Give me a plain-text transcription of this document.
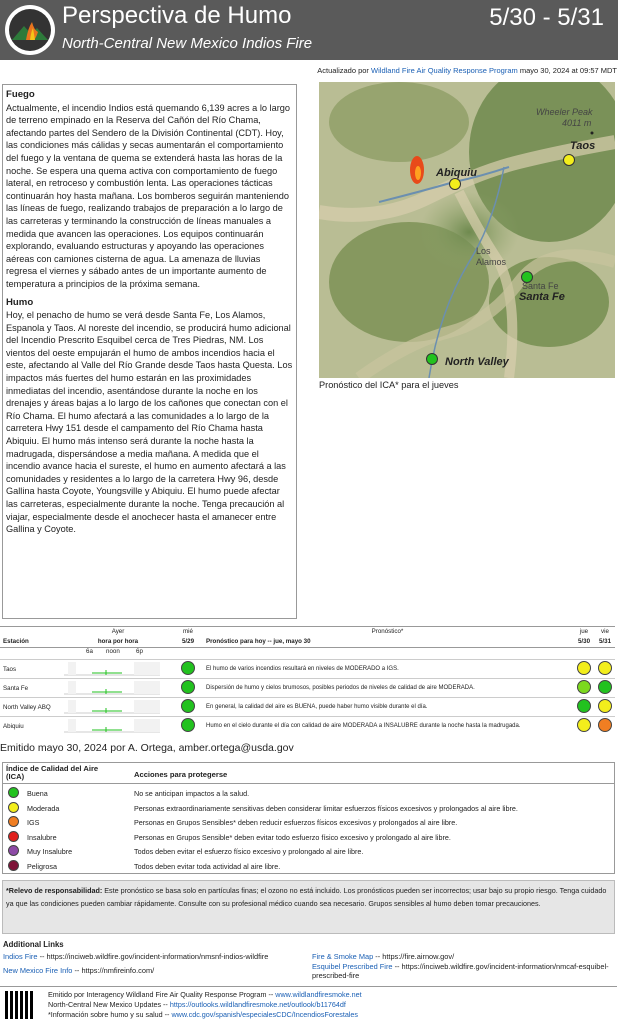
Perspectiva de Humo	5/30 - 5/31
North-Central New Mexico Indios Fire
Actualizado por Wildland Fire Air Quality Response Program mayo 30, 2024 at 09:57 MDT
Fuego

Actualmente, el incendio Indios está quemando 6,139 acres a lo largo de terreno empinado en la Reserva del Cañón del Río Chama, afectando partes del Sendero de la División Continental (CDT). Hoy, las condiciones más cálidas y secas aumentarán el comportamiento del fuego y la ventana de quema se extenderá hasta las horas de la noche. Se espera una quema activa con comportamiento de fuego lateral, en retroceso y combustión lenta. Las operaciones tácticas continuarán hoy hasta mañana. Los bomberos seguirán manteniendo las líneas de fuego, realizando trabajos de preparación a lo largo de las carreteras y terminando la construcción de líneas manuales a medida que avancen las operaciones. Los equipos continuarán explorando, evaluando estructuras y apoyando las operaciones aéreas con camiones cisterna de agua. La amenaza de lluvias regresa el viernes y sábado antes de un importante aumento de temperatura a principios de la próxima semana.

Humo

Hoy, el penacho de humo se verá desde Santa Fe, Los Alamos, Espanola y Taos. Al noreste del incendio, se producirá humo adicional del Incendio Prescrito Esquibel cerca de Tres Piedras, NM. Los vientos del oeste empujarán el humo de ambos incendios hacia el este, afectando al Valle del Río Grande desde Taos hasta Questa. Los impactos más fuertes del humo estarán en las proximidades inmediatas del incendio, asentándose durante la noche en los drenajes y áreas bajas a lo largo de los cañones que conectan con el Río Chama. El humo afectará a las comunidades a lo largo de la carretera Hwy 151 desde el campamento del Río Chama hasta Abiquiu. El humo más intenso será durante la noche hasta la madrugada, dispersándose a media mañana. A medida que el incendio avance hacia el sureste, el humo en aumento afectará a las comunidades y residentes a lo largo de la carretera Hwy 96, desde Gallina hasta Coyote, Youngsville y Abiquiu. El humo puede afectar las carreteras, especialmente durante la noche. Tenga precaución al viajar, especialmente desde el anochecer hasta el amanecer entre Gallina y Coyote.

Wheeler Peak
4011 m
Taos
Abiquiu
Los
Alamos
Santa Fe
Santa Fe
North Valley
Pronóstico del ICA* para el jueves
	Ayer	mié	Pronóstico*	jue	vie
Estación	hora por hora	5/29	Pronóstico para hoy -- jue, mayo 30	5/30	5/31

	6a noon 6p				

Taos			El humo de varios incendios resultará en niveles de MODERADO a IGS.		
Santa Fe			Dispersión de humo y cielos brumosos, posibles periodos de niveles de calidad de aire MODERADA.		
North Valley ABQ			En general, la calidad del aire es BUENA, puede haber humo visible durante el día.		
Abiquiu			Humo en el cielo durante el día con calidad de aire MODERADA a INSALUBRE durante la noche hasta la madrugada.		
Emitido mayo 30, 2024 por A. Ortega, amber.ortega@usda.gov
Índice de Calidad del Aire (ICA)	Acciones para protegerse
Buena	No se anticipan impactos a la salud.
Moderada	Personas extraordinariamente sensitivas deben considerar limitar esfuerzos físicos excesivos y prolongados al aire libre.
IGS	Personas en Grupos Sensibles* deben reducir esfuerzos físicos excesivos y prolongados al aire libre.
Insalubre	Personas en Grupos Sensible* deben evitar todo esfuerzo físico excesivo y prolongado al aire libre.
Muy Insalubre	Todos deben evitar el esfuerzo físico excesivo y prolongado al aire libre.
Peligrosa	Todos deben evitar toda actividad al aire libre.
*Relevo de responsabilidad: Este pronóstico se basa solo en partículas finas; el ozono no está incluido. Los pronósticos pueden ser incorrectos; usar bajo su propio riesgo. Tenga cuidado ya que las condiciones pueden cambiar rápidamente. Consulte con su profesional médico cuando sea necesario. Grupos sensibles al humo deben tomar precauciones.
Additional Links
Indios Fire -- https://inciweb.wildfire.gov/incident-information/nmsnf-indios-wildfire
New Mexico Fire Info -- https://nmfireinfo.com/
Fire & Smoke Map -- https://fire.airnow.gov/
Esquibel Prescribed Fire -- https://inciweb.wildfire.gov/incident-information/nmcaf-esquibel-prescribed-fire
Emitido por Interagency Wildland Fire Air Quality Response Program -- www.wildlandfiresmoke.net
North-Central New Mexico Updates -- https://outlooks.wildlandfiresmoke.net/outlook/b11764df
*Información sobre humo y su salud -- www.cdc.gov/spanish/especialesCDC/IncendiosForestales
